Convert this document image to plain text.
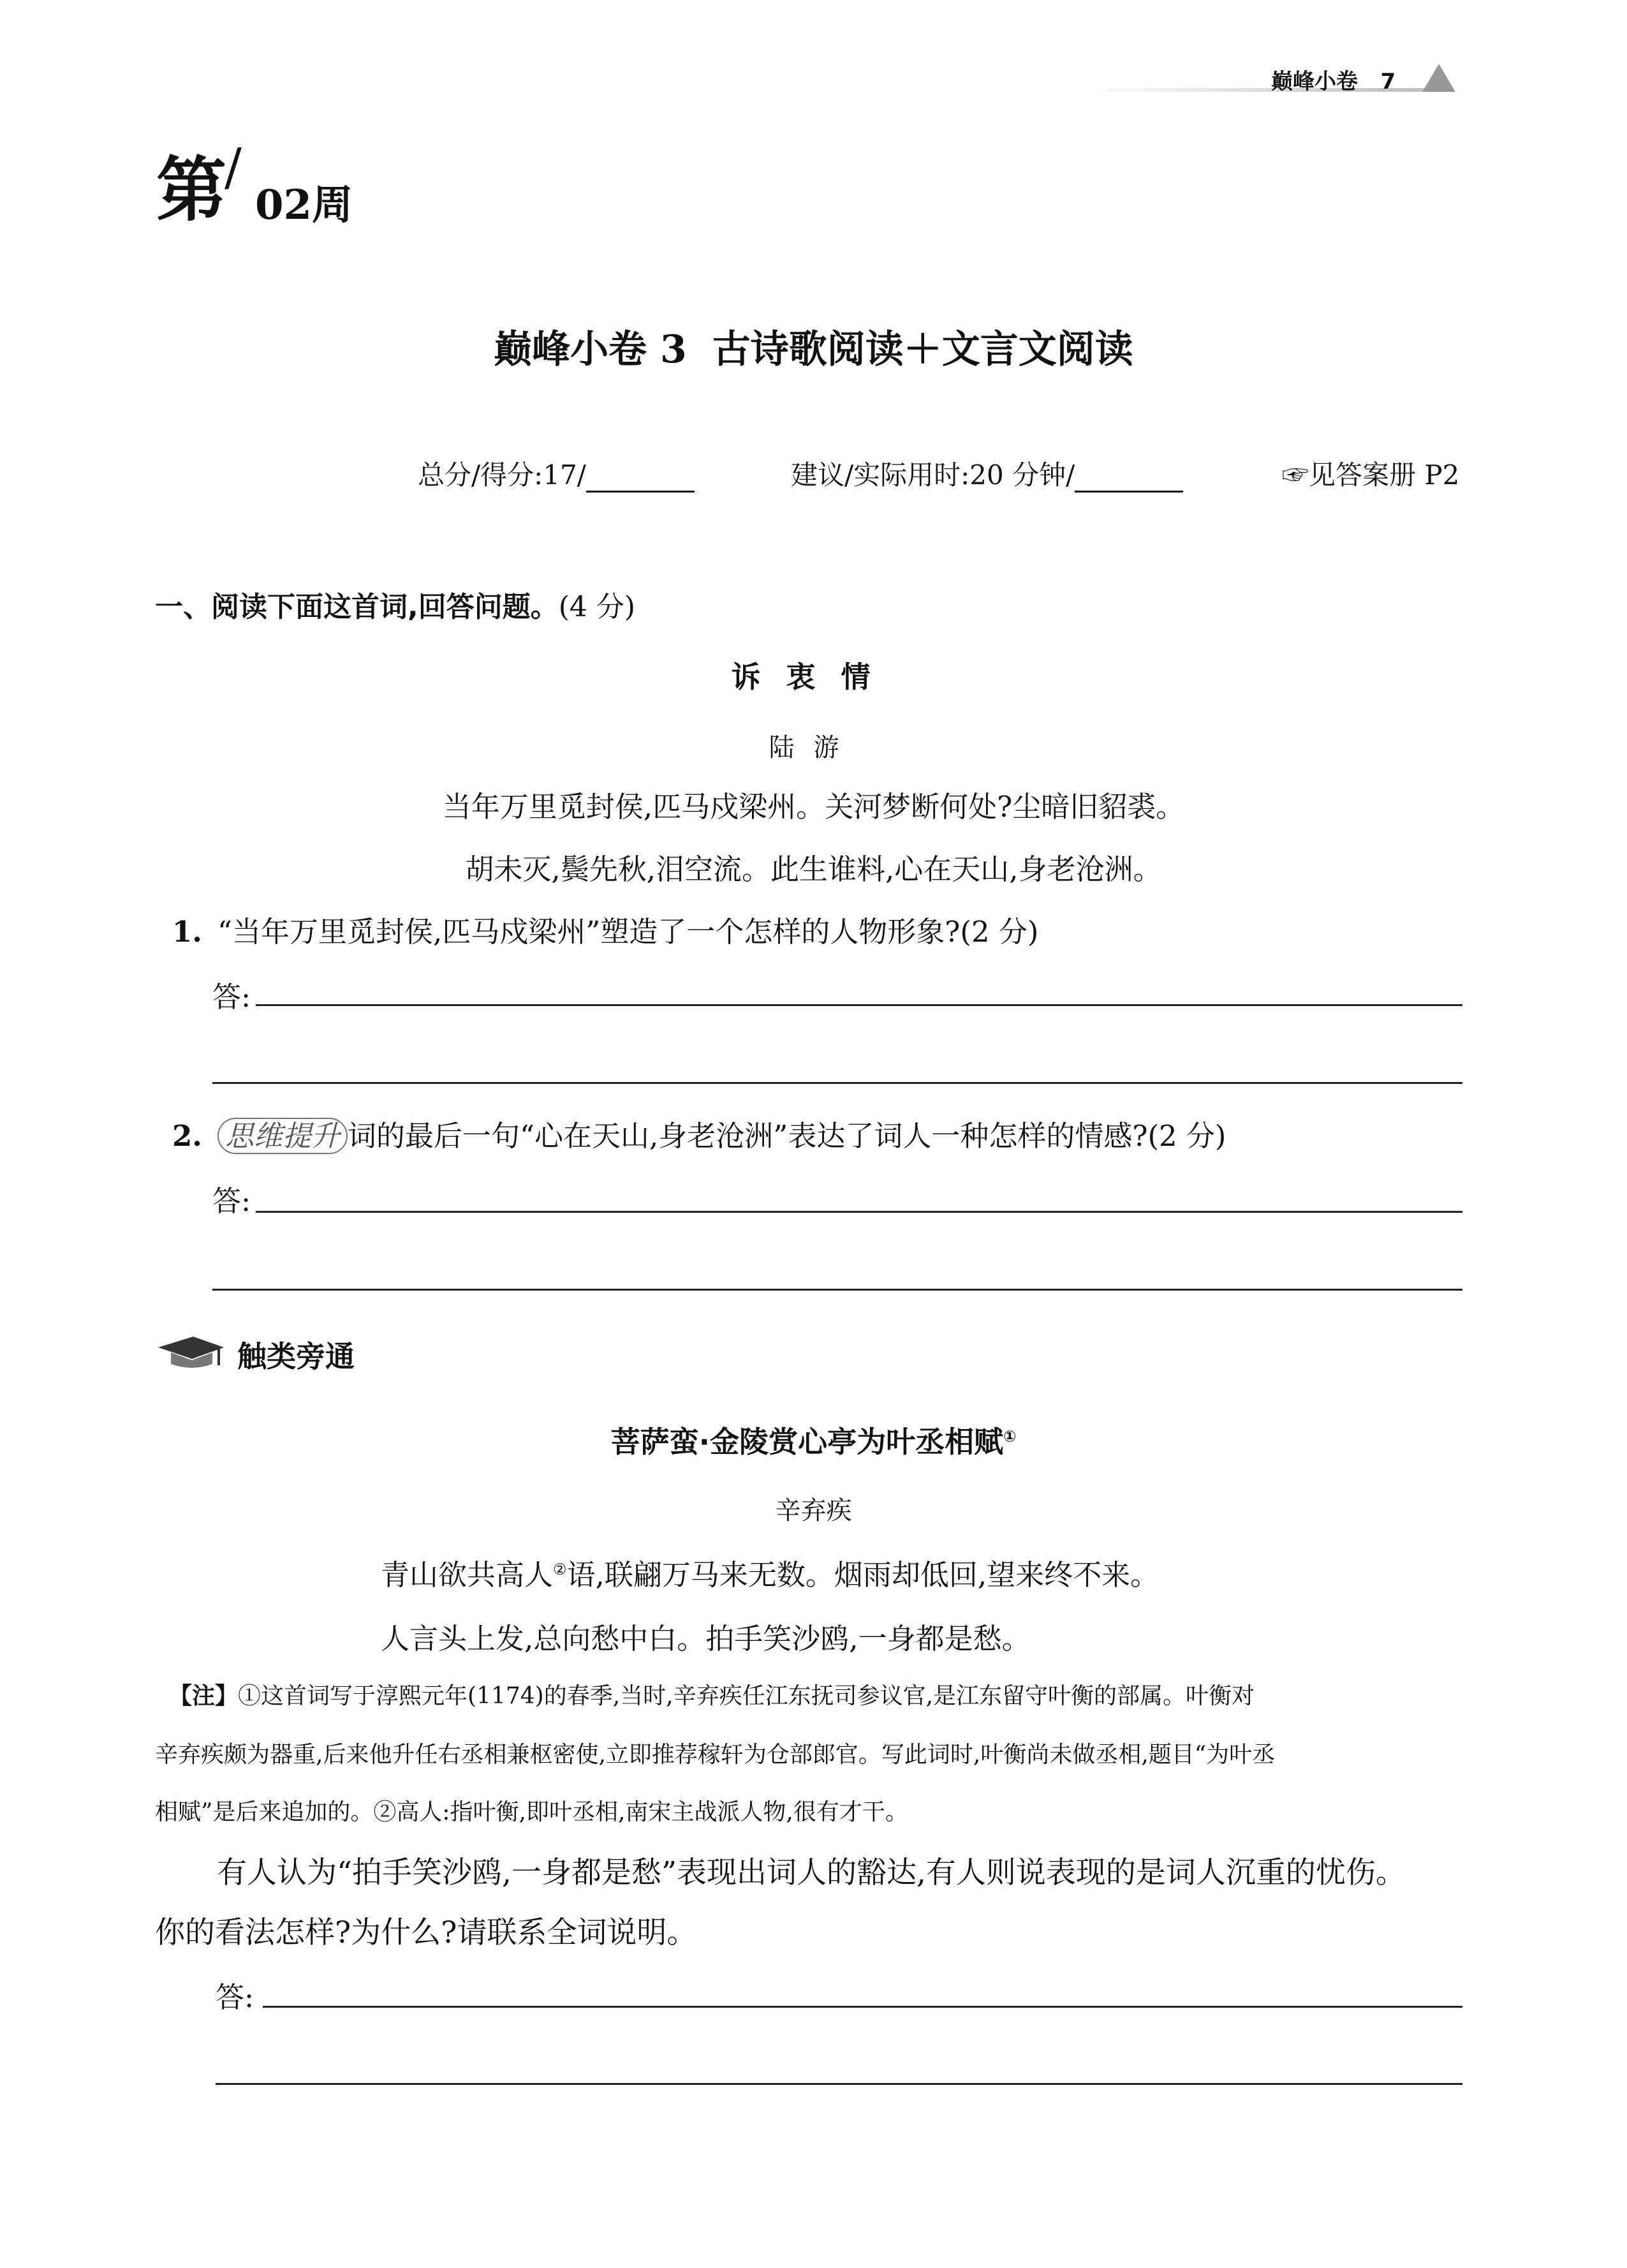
巅峰小卷 7
第
/
02周
巅峰小卷 3 古诗歌阅读＋文言文阅读
总分/得分:17/	建议/实际用时:20 分钟/	☞见答案册 P2
一、阅读下面这首词,回答问题。(4 分)
诉衷情
陆游
当年万里觅封侯,匹马戍梁州。关河梦断何处?尘暗旧貂裘。
胡未灭,鬓先秋,泪空流。此生谁料,心在天山,身老沧洲。
1. “当年万里觅封侯,匹马戍梁州”塑造了一个怎样的人物形象?(2 分)
答:
2. 思维提升 词的最后一句“心在天山,身老沧洲”表达了词人一种怎样的情感?(2 分)
答:
触类旁通
菩萨蛮·金陵赏心亭为叶丞相赋①
辛弃疾
青山欲共高人②语,联翩万马来无数。烟雨却低回,望来终不来。
人言头上发,总向愁中白。拍手笑沙鸥,一身都是愁。
【注】①这首词写于淳熙元年(1174)的春季,当时,辛弃疾任江东抚司参议官,是江东留守叶衡的部属。叶衡对
辛弃疾颇为器重,后来他升任右丞相兼枢密使,立即推荐稼轩为仓部郎官。写此词时,叶衡尚未做丞相,题目“为叶丞
相赋”是后来追加的。②高人:指叶衡,即叶丞相,南宋主战派人物,很有才干。
有人认为“拍手笑沙鸥,一身都是愁”表现出词人的豁达,有人则说表现的是词人沉重的忧伤。
你的看法怎样?为什么?请联系全词说明。
答:
